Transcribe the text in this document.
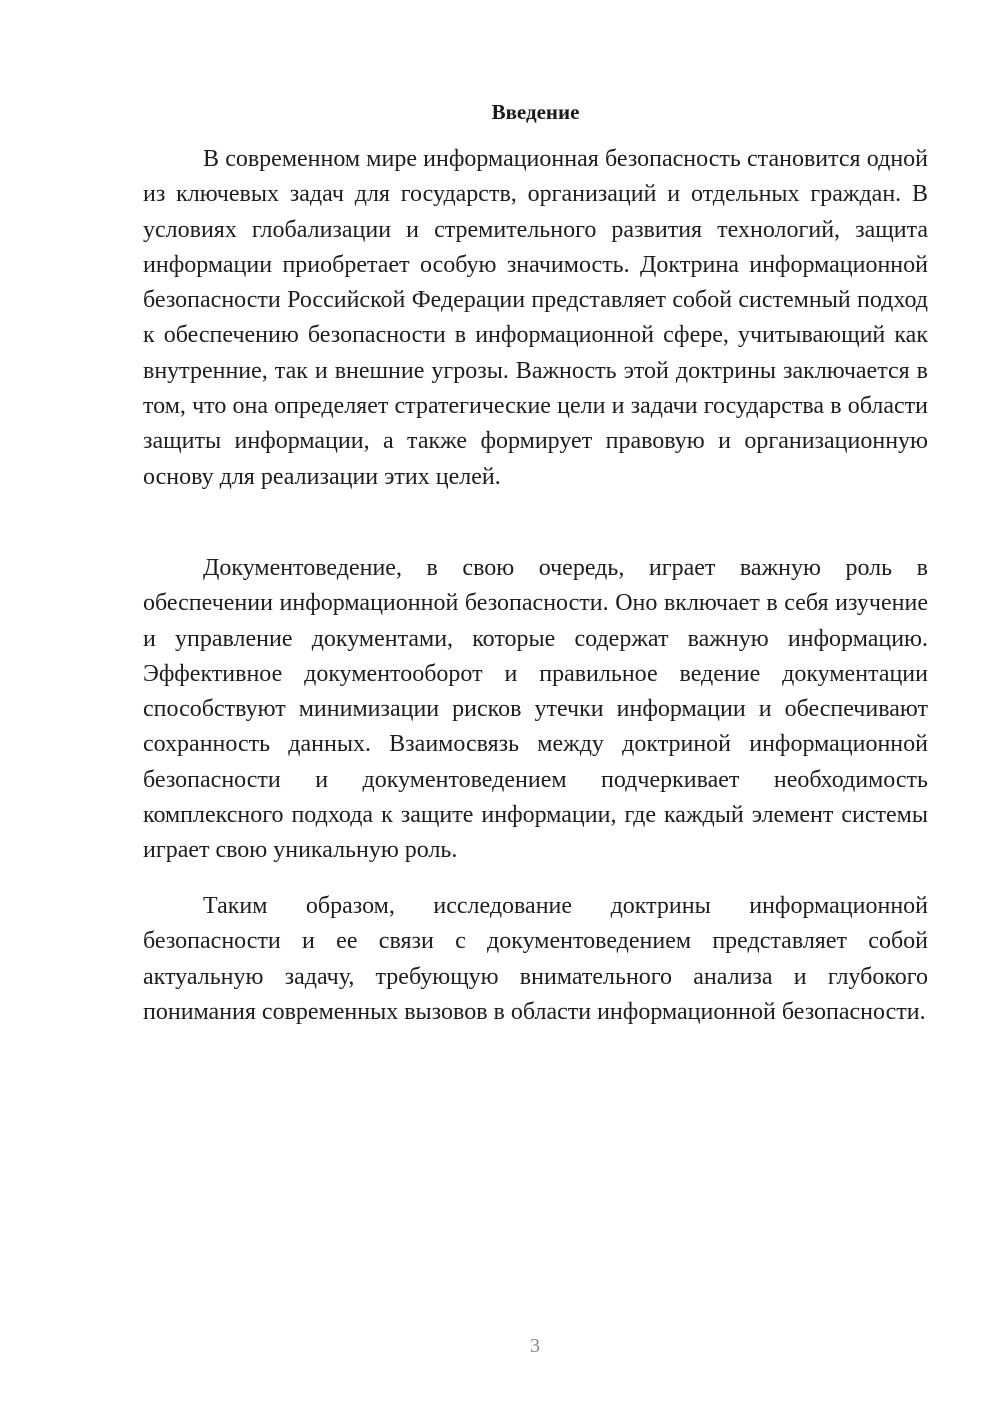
Введение

В современном мире информационная безопасность становится одной из ключевых задач для государств, организаций и отдельных граждан. В условиях глобализации и стремительного развития технологий, защита информации приобретает особую значимость. Доктрина информационной безопасности Российской Федерации представляет собой системный подход к обеспечению безопасности в информационной сфере, учитывающий как внутренние, так и внешние угрозы. Важность этой доктрины заключается в том, что она определяет стратегические цели и задачи государства в области защиты информации, а также формирует правовую и организационную основу для реализации этих целей.

Документоведение, в свою очередь, играет важную роль в обеспечении информационной безопасности. Оно включает в себя изучение и управление документами, которые содержат важную информацию. Эффективное документооборот и правильное ведение документации способствуют минимизации рисков утечки информации и обеспечивают сохранность данных. Взаимосвязь между доктриной информационной безопасности и документоведением подчеркивает необходимость комплексного подхода к защите информации, где каждый элемент системы играет свою уникальную роль.

Таким образом, исследование доктрины информационной безопасности и ее связи с документоведением представляет собой актуальную задачу, требующую внимательного анализа и глубокого понимания современных вызовов в области информационной безопасности.

3
